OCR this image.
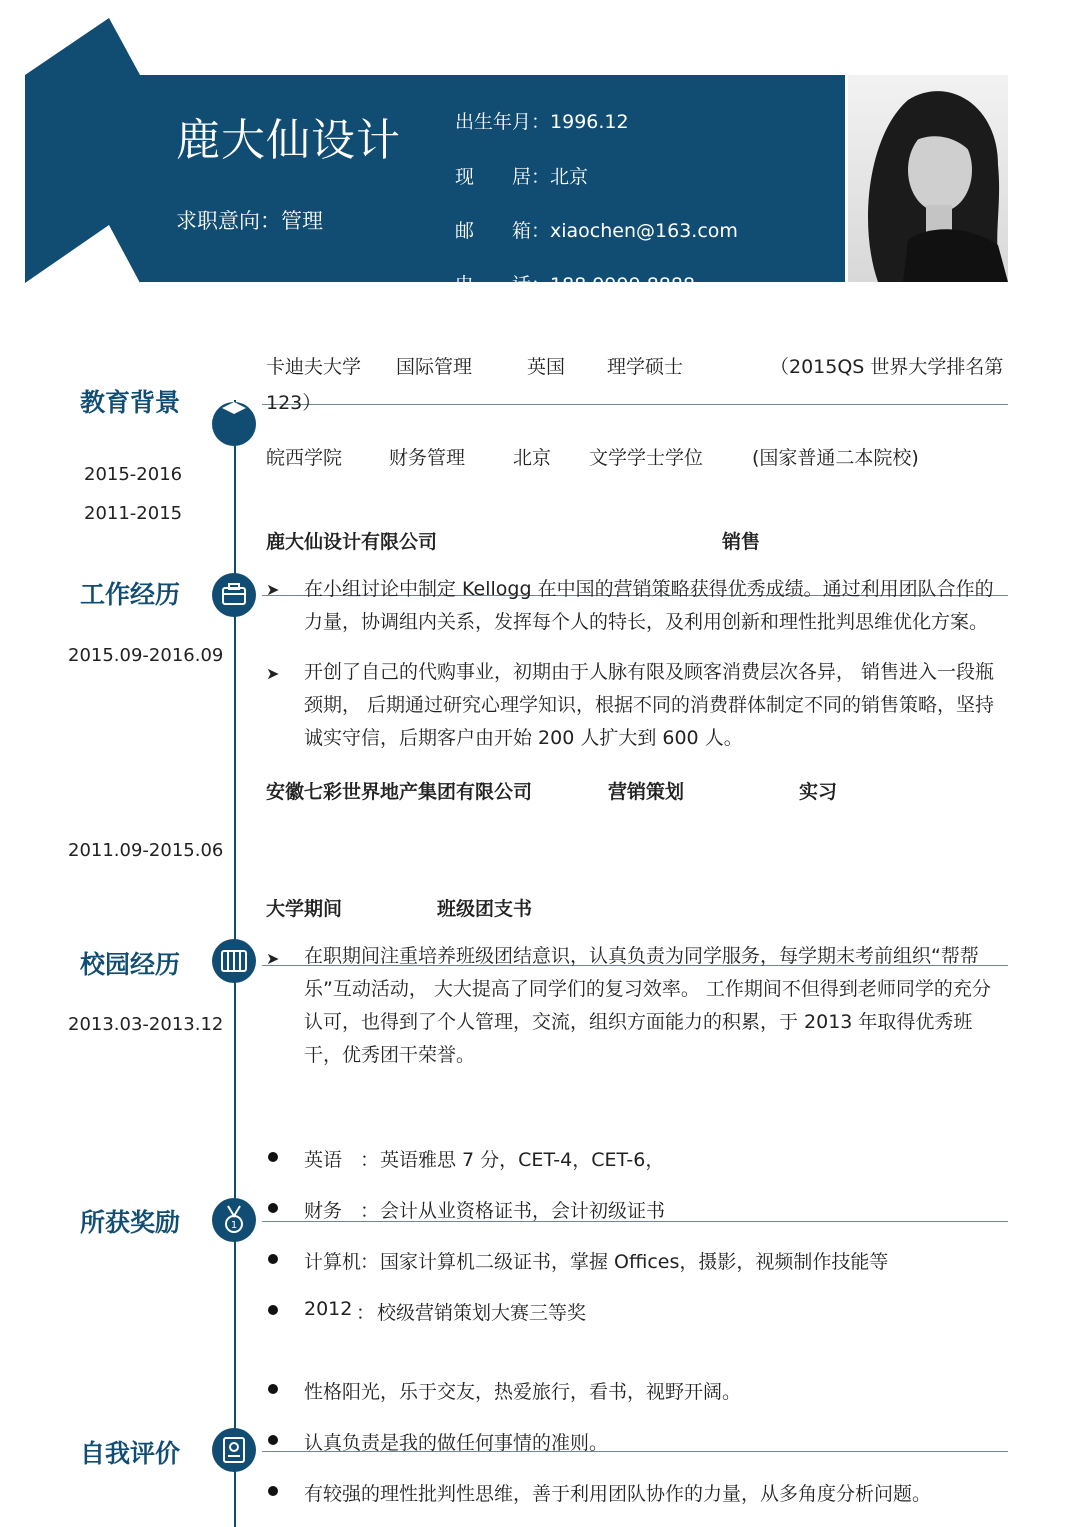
鹿大仙设计
求职意向：管理
出生年月：1996.12
现　　居：北京
邮　　箱：xiaochen@163.com
电　　话：188 9999 8888
教育背景
2015-2016
2011-2015
卡迪夫大学 国际管理	英国 理学硕士	（2015QS 世界大学排名第
123）
皖西学院 财务管理	北京 文学学士学位	(国家普通二本院校)
工作经历
2015.09-2016.09
鹿大仙设计有限公司	销售
➤ 在小组讨论中制定 Kellogg 在中国的营销策略获得优秀成绩。通过利用团队合作的力量，协调组内关系，发挥每个人的特长，及利用创新和理性批判思维优化方案。
➤ 开创了自己的代购事业，初期由于人脉有限及顾客消费层次各异， 销售进入一段瓶颈期， 后期通过研究心理学知识，根据不同的消费群体制定不同的销售策略，坚持诚实守信，后期客户由开始 200 人扩大到 600 人。
安徽七彩世界地产集团有限公司	营销策划	实习
2011.09-2015.06
大学期间	班级团支书
校园经历
2013.03-2013.12
➤ 在职期间注重培养班级团结意识，认真负责为同学服务，每学期末考前组织“帮帮乐”互动活动， 大大提高了同学们的复习效率。 工作期间不但得到老师同学的充分认可，也得到了个人管理，交流，组织方面能力的积累，于 2013 年取得优秀班干，优秀团干荣誉。
所获奖励	1
英语 ： 英语雅思 7 分，CET-4，CET-6，
财务 ： 会计从业资格证书，会计初级证书
计算机
： 国家计算机二级证书，掌握 Offices，摄影，视频制作技能等
2012 ： 校级营销策划大赛三等奖
自我评价
性格阳光，乐于交友，热爱旅行，看书，视野开阔。
认真负责是我的做任何事情的准则。
有较强的理性批判性思维，善于利用团队协作的力量，从多角度分析问题。
